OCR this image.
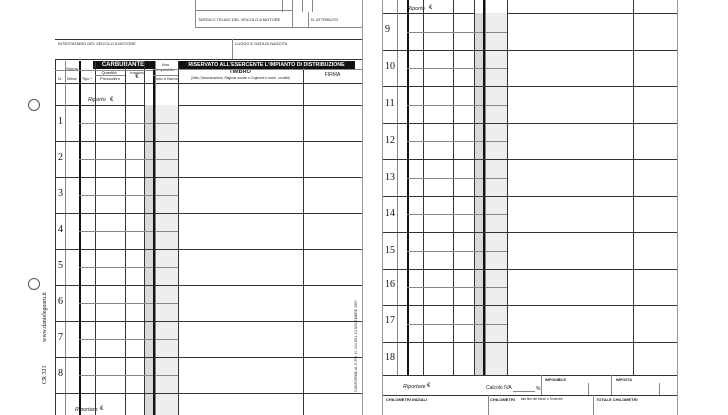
TARGA O TELAIO DEL VEICOLO A MOTORE	N. ATTRIBUTO
INTESTATARIO DEL VEICOLO A MOTORE	LUOGO E DATA DI NASCITA
CARBURANTE	RISERVATO ALL'ESERCENTE L'IMPIANTO DI DISTRIBUZIONE
Non imponibile
Giorno
Quantità	Importo	TIMBRO
N.	Mese	Tipo *	Prezzo/litro	€	Titolo e Norma	(Ditta, Denominazione, Ragione sociale o Cognome e nome, Località)	FIRMA
Riporto €
1
2
3
4
5
6
7
8
Riportare €
www.danieleguaru.it
CR 321	CONFORME AL D.P.R. N. 444 DEL 10 NOVEMBRE 1997
Riporto €
9
10
11
12
13
14
15
16
17
18
Riportare €	Calcolo IVA	%
IMPONIBILE	IMPOSTA
CHILOMETRI INIZIALI	CHILOMETRI alla fine del Mese o Trimestre	TOTALE CHILOMETRI
